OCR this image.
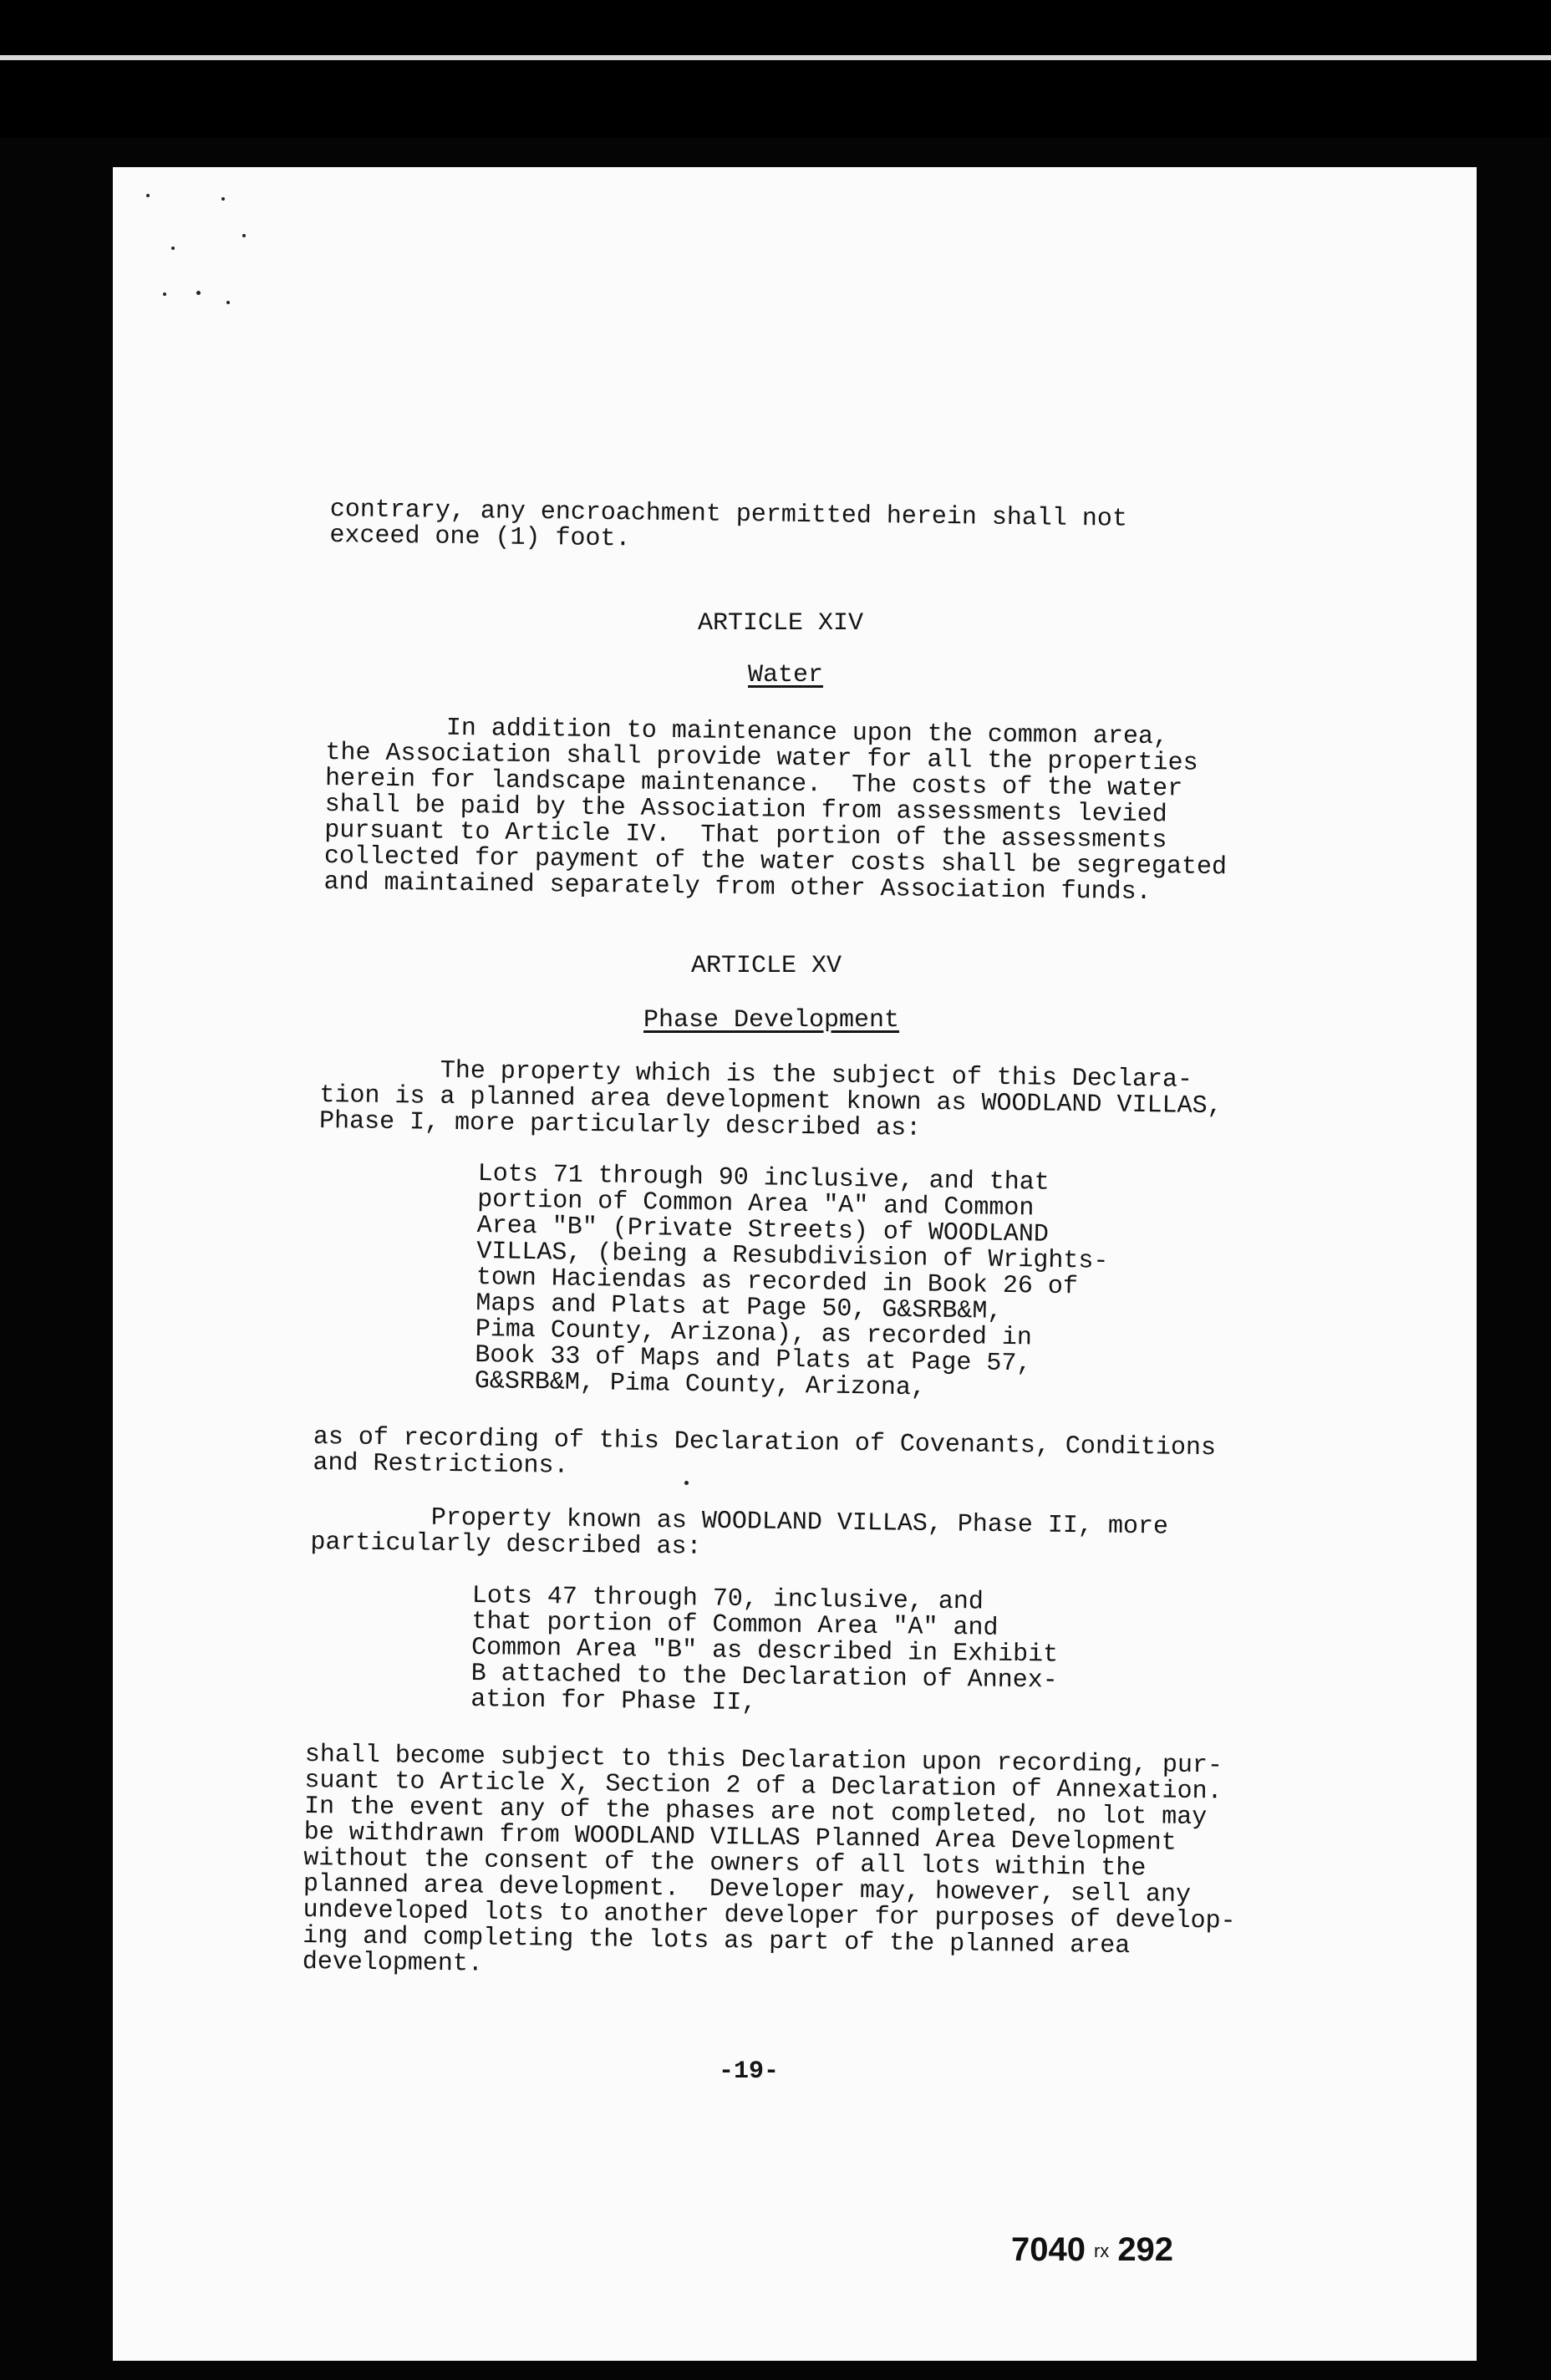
contrary, any encroachment permitted herein shall not
exceed one (1) foot.
ARTICLE XIV
Water
In addition to maintenance upon the common area,
the Association shall provide water for all the properties
herein for landscape maintenance.  The costs of the water
shall be paid by the Association from assessments levied
pursuant to Article IV.  That portion of the assessments
collected for payment of the water costs shall be segregated
and maintained separately from other Association funds.
ARTICLE XV
Phase Development
The property which is the subject of this Declara-
tion is a planned area development known as WOODLAND VILLAS,
Phase I, more particularly described as:
Lots 71 through 90 inclusive, and that
portion of Common Area "A" and Common
Area "B" (Private Streets) of WOODLAND
VILLAS, (being a Resubdivision of Wrights-
town Haciendas as recorded in Book 26 of
Maps and Plats at Page 50, G&SRB&M,
Pima County, Arizona), as recorded in
Book 33 of Maps and Plats at Page 57,
G&SRB&M, Pima County, Arizona,
as of recording of this Declaration of Covenants, Conditions
and Restrictions.
Property known as WOODLAND VILLAS, Phase II, more
particularly described as:
Lots 47 through 70, inclusive, and
that portion of Common Area "A" and
Common Area "B" as described in Exhibit
B attached to the Declaration of Annex-
ation for Phase II,
shall become subject to this Declaration upon recording, pur-
suant to Article X, Section 2 of a Declaration of Annexation.
In the event any of the phases are not completed, no lot may
be withdrawn from WOODLAND VILLAS Planned Area Development
without the consent of the owners of all lots within the
planned area development.  Developer may, however, sell any
undeveloped lots to another developer for purposes of develop-
ing and completing the lots as part of the planned area
development.
-19-
7040 rx 292
